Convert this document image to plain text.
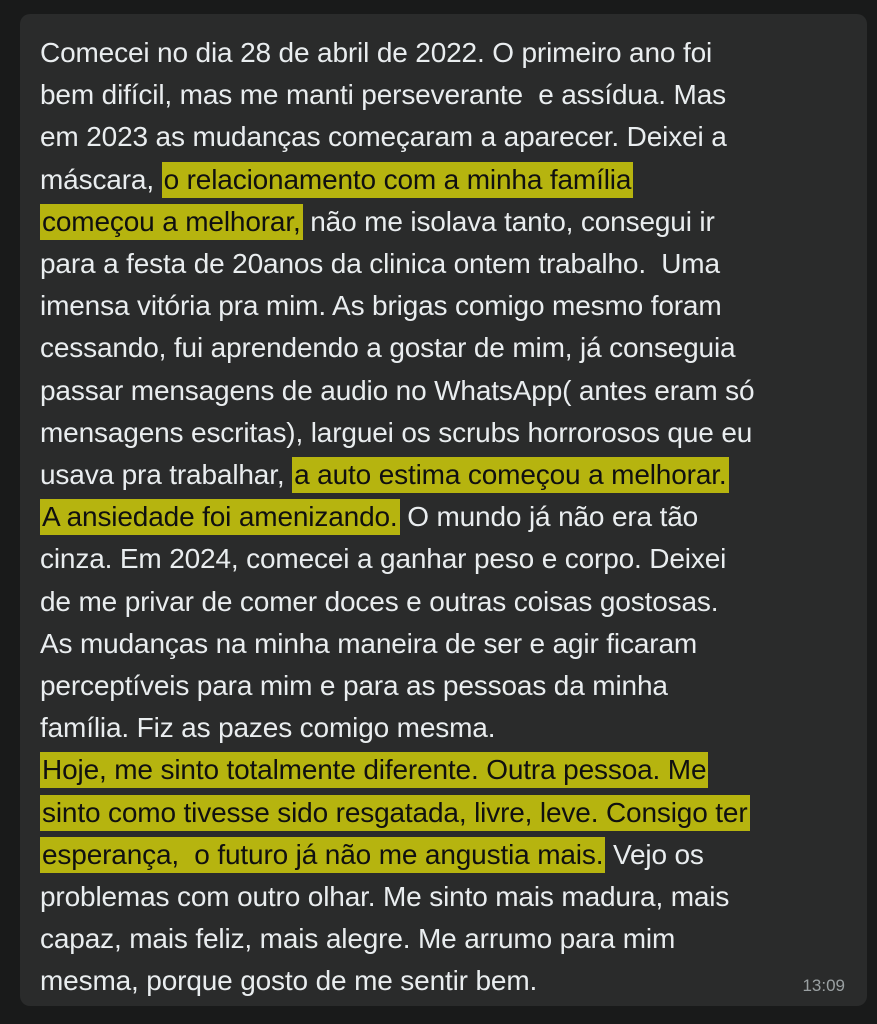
Comecei no dia 28 de abril de 2022. O primeiro ano foi
bem difícil, mas me manti perseverante  e assídua. Mas
em 2023 as mudanças começaram a aparecer. Deixei a
máscara, o relacionamento com a minha família
começou a melhorar, não me isolava tanto, consegui ir
para a festa de 20anos da clinica ontem trabalho.  Uma
imensa vitória pra mim. As brigas comigo mesmo foram
cessando, fui aprendendo a gostar de mim, já conseguia
passar mensagens de audio no WhatsApp( antes eram só
mensagens escritas), larguei os scrubs horrorosos que eu
usava pra trabalhar, a auto estima começou a melhorar.
A ansiedade foi amenizando. O mundo já não era tão
cinza. Em 2024, comecei a ganhar peso e corpo. Deixei
de me privar de comer doces e outras coisas gostosas.
As mudanças na minha maneira de ser e agir ficaram
perceptíveis para mim e para as pessoas da minha
família. Fiz as pazes comigo mesma.
Hoje, me sinto totalmente diferente. Outra pessoa. Me
sinto como tivesse sido resgatada, livre, leve. Consigo ter
esperança,  o futuro já não me angustia mais. Vejo os
problemas com outro olhar. Me sinto mais madura, mais
capaz, mais feliz, mais alegre. Me arrumo para mim
mesma, porque gosto de me sentir bem.	13:09
